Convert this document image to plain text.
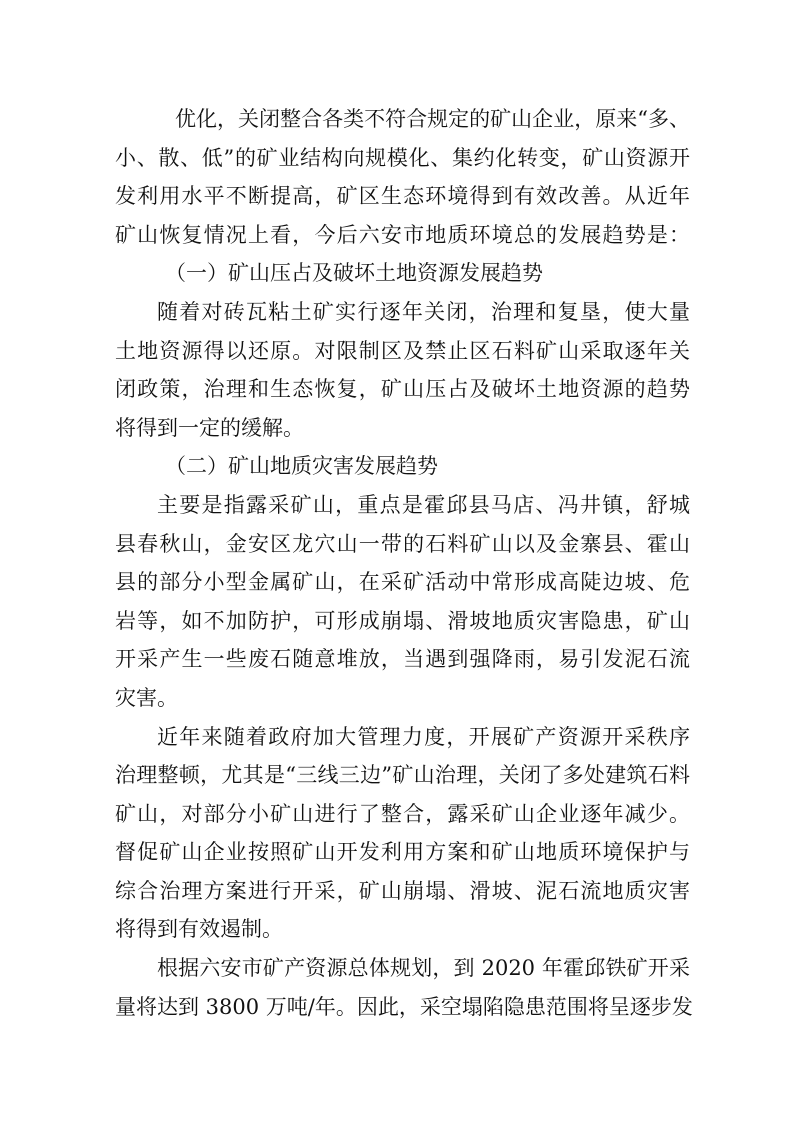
优化，关闭整合各类不符合规定的矿山企业，原来“多、
小、散、低”的矿业结构向规模化、集约化转变，矿山资源开
发利用水平不断提高，矿区生态环境得到有效改善。从近年
矿山恢复情况上看，今后六安市地质环境总的发展趋势是：
（一）矿山压占及破坏土地资源发展趋势
随着对砖瓦粘土矿实行逐年关闭，治理和复垦，使大量
土地资源得以还原。对限制区及禁止区石料矿山采取逐年关
闭政策，治理和生态恢复，矿山压占及破坏土地资源的趋势
将得到一定的缓解。
（二）矿山地质灾害发展趋势
主要是指露采矿山，重点是霍邱县马店、冯井镇，舒城
县春秋山，金安区龙穴山一带的石料矿山以及金寨县、霍山
县的部分小型金属矿山，在采矿活动中常形成高陡边坡、危
岩等，如不加防护，可形成崩塌、滑坡地质灾害隐患，矿山
开采产生一些废石随意堆放，当遇到强降雨，易引发泥石流
灾害。
近年来随着政府加大管理力度，开展矿产资源开采秩序
治理整顿，尤其是“三线三边”矿山治理，关闭了多处建筑石料
矿山，对部分小矿山进行了整合，露采矿山企业逐年减少。
督促矿山企业按照矿山开发利用方案和矿山地质环境保护与
综合治理方案进行开采，矿山崩塌、滑坡、泥石流地质灾害
将得到有效遏制。
根据六安市矿产资源总体规划，到 2020 年霍邱铁矿开采
量将达到 3800 万吨/年。因此，采空塌陷隐患范围将呈逐步发
